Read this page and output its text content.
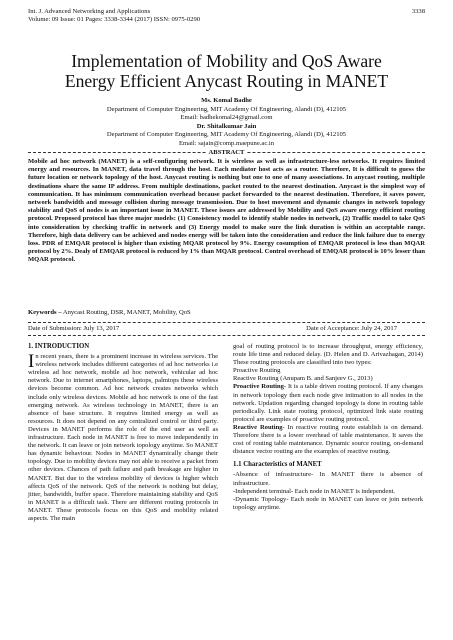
Int. J. Advanced Networking and Applications
Volume: 09 Issue: 01 Pages: 3338-3344 (2017) ISSN: 0975-0290
3338
Implementation of Mobility and QoS Aware
Energy Efficient Anycast Routing in MANET
Ms. Komal Badhe
Department of Computer Engineering, MIT Academy Of Engineering, Alandi (D), 412105
Email: badhekomal24@gmail.com
Dr. Shitalkumar Jain
Department of Computer Engineering, MIT Academy Of Engineering, Alandi (D), 412105
Email: sajain@comp.maepune.ac.in
ABSTRACT
Mobile ad hoc network (MANET) is a self-configuring network. It is wireless as well as infrastructure-less networks. It requires limited energy and resources. In MANET, data travel through the host. Each mediator host acts as a router. Therefore, It is difficult to guess the future location or network topology of the host. Anycast routing is nothing but one to one of many associations. In anycast routing, multiple destinations share the same IP address. From multiple destinations, packet routed to the nearest destination. Anycast is the simplest way of communication. It has minimum communication overhead because packet forwarded to the nearest destination. Therefore, it saves power, network bandwidth and message collision during message transmission. Due to host movement and dynamic changes in network topology stability and QoS of nodes is an important issue in MANET. These issues are addressed by Mobility and QoS aware energy efficient routing protocol. Proposed protocol has three major models: (1) Consistency model to identify stable nodes in network, (2) Traffic model to take QoS into consideration by checking traffic in network and (3) Energy model to make sure the link duration is within an acceptable range. Therefore, high data delivery can be achieved and nodes energy will be taken into the consideration and reduce the link failure due to energy loss. PDR of EMQAR protocol is higher than existing MQAR protocol by 9%. Energy cosumption of EMQAR protocol is less than MQAR protocol by 2%. Dealy of EMQAR protocol is reduced by 1% than MQAR protocol. Control overhead of EMQAR protocol is 10% lesser than MQAR protocol.
Keywords – Anycast Routing, DSR, MANET, Mobility, QoS
Date of Submission: July 13, 2017	Date of Acceptance: July 24, 2017
1. INTRODUCTION

In recent years, there is a prominent increase in wireless services. The wireless network includes different categories of ad hoc networks i.e wireless ad hoc network, mobile ad hoc network, vehicular ad hoc network. Due to internet smartphones, laptops, palmtops these wireless devices become common. Ad hoc network creates networks which include only wireless devices. Mobile ad hoc network is one of the fast emerging network. As wireless technology in MANET, there is an absence of base structure. It requires limited energy as well as resources. It does not depend on any centralized control or third party. Devices in MANET performs the role of the end user as well as infrastructure. Each node in MANET is free to move independently in the network. It can leave or join network topology anytime. So MANET has dynamic behaviour. Nodes in MANET dynamically change their topology. Due to mobility devices may not able to receive a packet from other devices. Chances of path failure and path breakage are higher in MANET. But due to the wireless mobility of devices is higher which affects QoS of the network. QoS of the network is nothing but delay, jitter, bandwidth, buffer space. Therefore maintaining stability and QoS in MANET is a difficult task. There are different routing protocols in MANET. These protocols focus on this QoS and mobility related aspects. The main

goal of routing protocol is to increase throughput, energy efficiency, route life time and reduced delay. (D. Helen and D. Arivazhagan, 2014) These routing protocols are classified into two types:

Proactive Routing

Reactive Routing (Anupam B. and Sanjeev G., 2013)

Proactive Routing- It is a table driven routing protocol. If any changes in network topology then each node give intimation to all nodes in the network. Updation regarding changed topology is done in routing table periodically. Link state routing protocol, optimized link state routing protocol are examples of proactive routing protocol.

Reactive Routing- In reactive routing route establish is on demand. Therefore there is a lower overhead of table maintenance. It saves the cost of routing table maintenance. Dynamic source routing, on-demand distance vector routing are the examples of reactive routing.

1.1 Characteristics of MANET

-Absence of infrastructure- In MANET there is absence of infrastructure.

-Independent terminal- Each node in MANET is independent.

-Dynamic Topology- Each node in MANET can leave or join network topology anytime.
